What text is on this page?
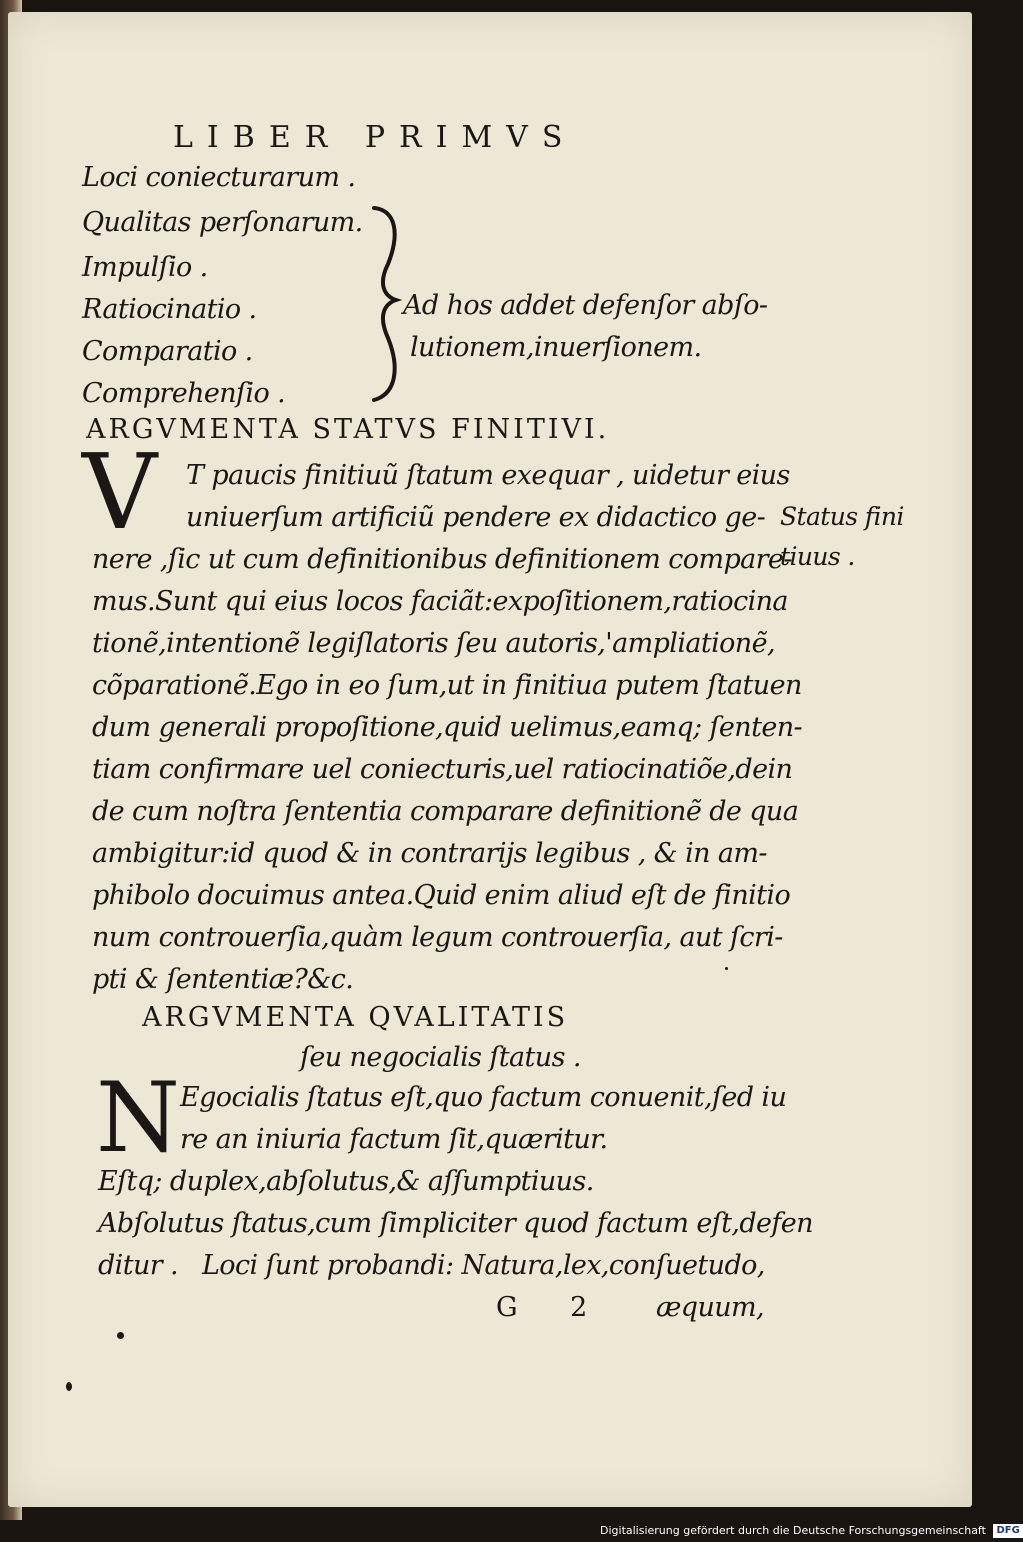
LIBER PRIMVS
Loci coniecturarum .
Qualitas perſonarum.
Impulſio .
Ratiocinatio .
Comparatio .
Comprehenſio .
Ad hos addet defenſor abſo-
lutionem,inuerſionem.
ARGVMENTA STATVS FINITIVI.
V T paucis finitiuũ ſtatum exequar , uidetur eius
uniuerſum artificiũ pendere ex didactico ge-
nere ,ſic ut cum definitionibus definitionem compare-
mus.Sunt qui eius locos faciãt:expoſitionem,ratiocina
tionẽ,intentionẽ legiſlatoris ſeu autoris,'ampliationẽ,
cõparationẽ.Ego in eo ſum,ut in finitiua putem ſtatuen
dum generali propoſitione,quid uelimus,eamq; ſenten-
tiam confirmare uel coniecturis,uel ratiocinatiõe,dein
de cum noſtra ſententia comparare definitionẽ de qua
ambigitur:id quod & in contrarijs legibus , & in am-
phibolo docuimus antea.Quid enim aliud eſt de finitio
num controuerſia,quàm legum controuerſia, aut ſcri-
pti & ſententiæ?&c.
Status fini
tiuus .
ARGVMENTA QVALITATIS
ſeu negocialis ſtatus .
N Egocialis ſtatus eſt,quo factum conuenit,ſed iu
re an iniuria factum ſit,quæritur.
Eſtq; duplex,abſolutus,& aſſumptiuus.
Abſolutus ſtatus,cum ſimpliciter quod factum eſt,defen
ditur .   Loci ſunt probandi: Natura,lex,conſuetudo,
G 2 æquum,
Digitalisierung gefördert durch die Deutsche Forschungsgemeinschaft DFG
